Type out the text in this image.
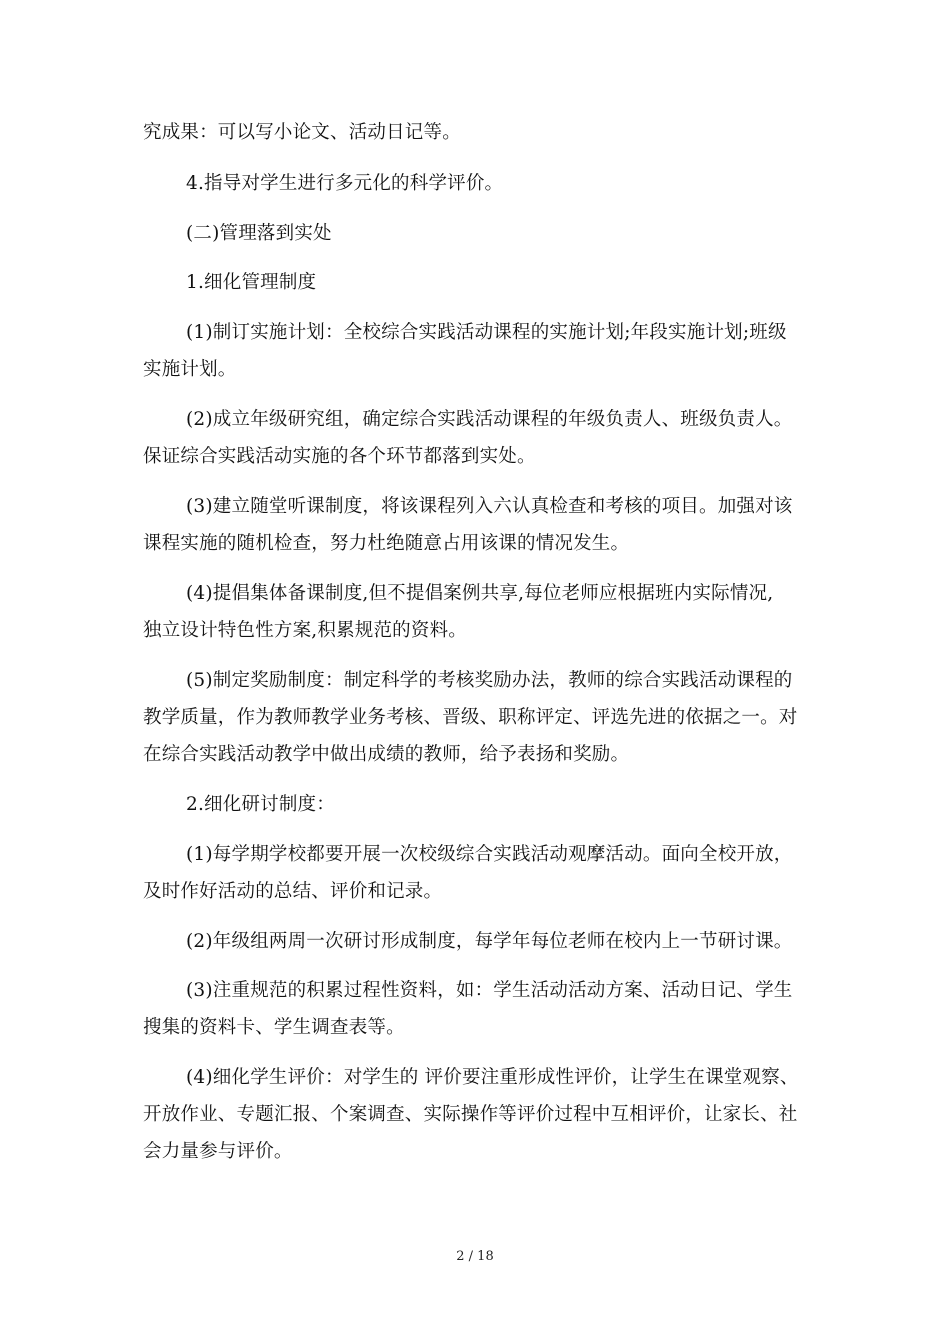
究成果：可以写小论文、活动日记等。
4.指导对学生进行多元化的科学评价。
(二)管理落到实处
1.细化管理制度
(1)制订实施计划：全校综合实践活动课程的实施计划;年段实施计划;班级
实施计划。
(2)成立年级研究组，确定综合实践活动课程的年级负责人、班级负责人。
保证综合实践活动实施的各个环节都落到实处。
(3)建立随堂听课制度，将该课程列入六认真检查和考核的项目。加强对该
课程实施的随机检查，努力杜绝随意占用该课的情况发生。
(4)提倡集体备课制度,但不提倡案例共享,每位老师应根据班内实际情况,
独立设计特色性方案,积累规范的资料。
(5)制定奖励制度：制定科学的考核奖励办法，教师的综合实践活动课程的
教学质量，作为教师教学业务考核、晋级、职称评定、评选先进的依据之一。对
在综合实践活动教学中做出成绩的教师，给予表扬和奖励。
2.细化研讨制度：
(1)每学期学校都要开展一次校级综合实践活动观摩活动。面向全校开放，
及时作好活动的总结、评价和记录。
(2)年级组两周一次研讨形成制度，每学年每位老师在校内上一节研讨课。
(3)注重规范的积累过程性资料，如：学生活动活动方案、活动日记、学生
搜集的资料卡、学生调查表等。
(4)细化学生评价：对学生的 评价要注重形成性评价，让学生在课堂观察、
开放作业、专题汇报、个案调查、实际操作等评价过程中互相评价，让家长、社
会力量参与评价。
2 / 18
